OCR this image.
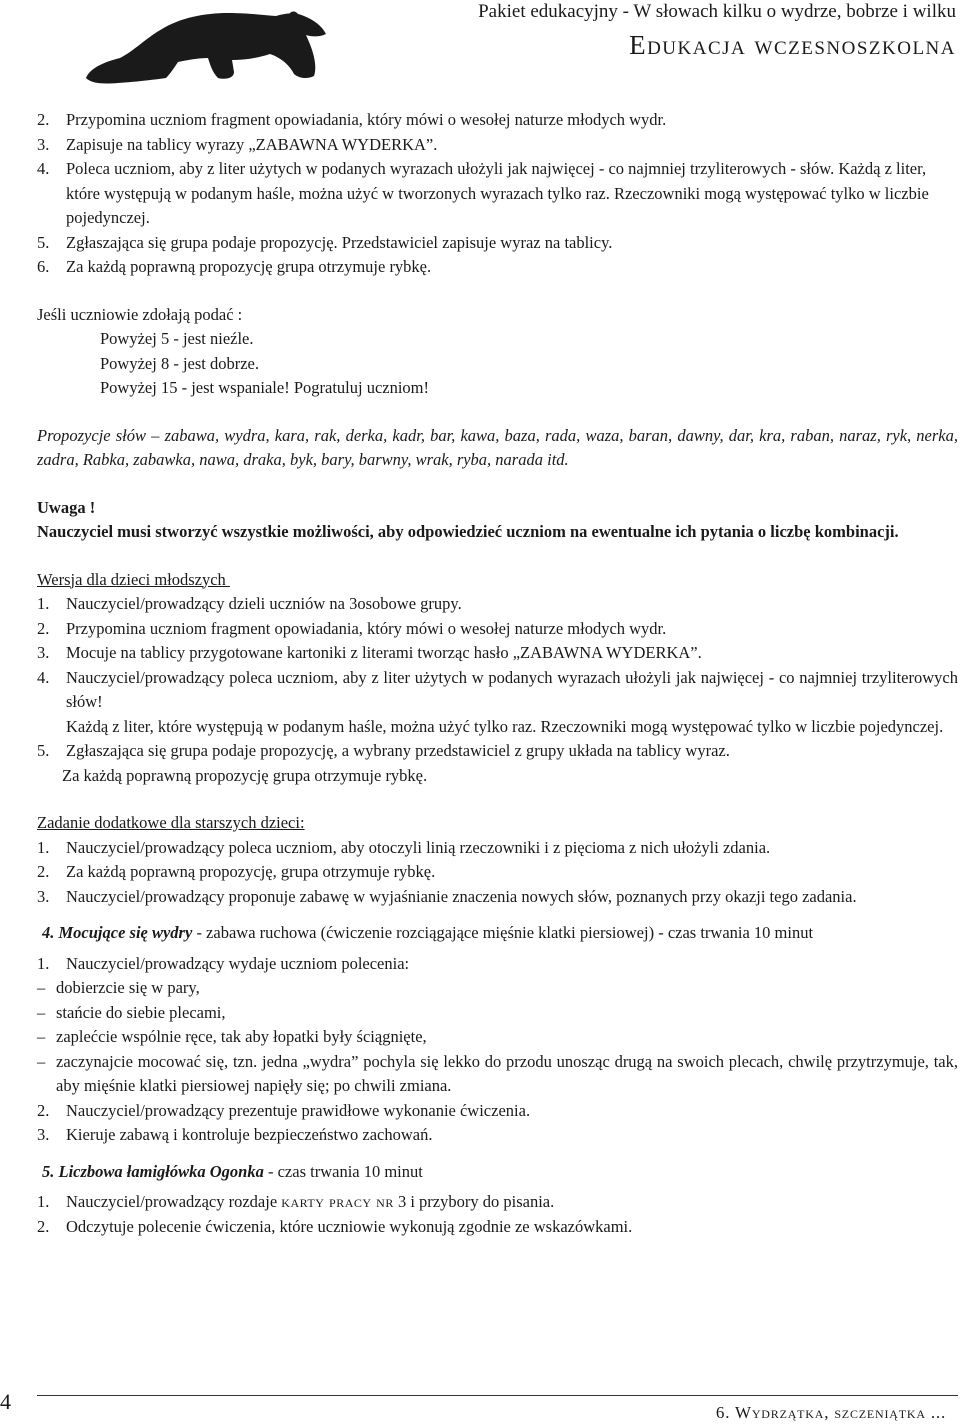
Pakiet edukacyjny - W słowach kilku o wydrze, bobrze i wilku
Edukacja wczesnoszkolna

2. Przypomina uczniom fragment opowiadania, który mówi o wesołej naturze młodych wydr.

3. Zapisuje na tablicy wyrazy „ZABAWNA WYDERKA”.

4. Poleca uczniom, aby z liter użytych w podanych wyrazach ułożyli jak najwięcej - co najmniej trzyliterowych - słów. Każdą z liter, które występują w podanym haśle, można użyć w tworzonych wyrazach tylko raz. Rzeczowniki mogą występować tylko w liczbie pojedynczej.

5. Zgłaszająca się grupa podaje propozycję. Przedstawiciel zapisuje wyraz na tablicy.

6. Za każdą poprawną propozycję grupa otrzymuje rybkę.

Jeśli uczniowie zdołają podać :

Powyżej 5 - jest nieźle.

Powyżej 8 - jest dobrze.

Powyżej 15 - jest wspaniale! Pogratuluj uczniom!

Propozycje słów – zabawa, wydra, kara, rak, derka, kadr, bar, kawa, baza, rada, waza, baran, dawny, dar, kra, raban, naraz, ryk, nerka, zadra, Rabka, zabawka, nawa, draka, byk, bary, barwny, wrak, ryba, narada itd.

Uwaga !

Nauczyciel musi stworzyć wszystkie możliwości, aby odpowiedzieć uczniom na ewentualne ich pytania o liczbę kombinacji.

Wersja dla dzieci młodszych

1. Nauczyciel/prowadzący dzieli uczniów na 3osobowe grupy.

2. Przypomina uczniom fragment opowiadania, który mówi o wesołej naturze młodych wydr.

3. Mocuje na tablicy przygotowane kartoniki z literami tworząc hasło „ZABAWNA WYDERKA”.

4. Nauczyciel/prowadzący poleca uczniom, aby z liter użytych w podanych wyrazach ułożyli jak najwięcej - co najmniej trzyliterowych słów!

Każdą z liter, które występują w podanym haśle, można użyć tylko raz. Rzeczowniki mogą występować tylko w liczbie pojedynczej.

5. Zgłaszająca się grupa podaje propozycję, a wybrany przedstawiciel z grupy układa na tablicy wyraz.

Za każdą poprawną propozycję grupa otrzymuje rybkę.

Zadanie dodatkowe dla starszych dzieci:

1. Nauczyciel/prowadzący poleca uczniom, aby otoczyli linią rzeczowniki i z pięcioma z nich ułożyli zdania.

2. Za każdą poprawną propozycję, grupa otrzymuje rybkę.

3. Nauczyciel/prowadzący proponuje zabawę w wyjaśnianie znaczenia nowych słów, poznanych przy okazji tego zadania.

4. Mocujące się wydry - zabawa ruchowa (ćwiczenie rozciągające mięśnie klatki piersiowej) - czas trwania 10 minut

1. Nauczyciel/prowadzący wydaje uczniom polecenia:

– dobierzcie się w pary,

– stańcie do siebie plecami,

– zaplećcie wspólnie ręce, tak aby łopatki były ściągnięte,

– zaczynajcie mocować się, tzn. jedna „wydra” pochyla się lekko do przodu unosząc drugą na swoich plecach, chwilę przytrzymuje, tak, aby mięśnie klatki piersiowej napięły się; po chwili zmiana.

2. Nauczyciel/prowadzący prezentuje prawidłowe wykonanie ćwiczenia.

3. Kieruje zabawą i kontroluje bezpieczeństwo zachowań.

5. Liczbowa łamigłówka Ogonka - czas trwania 10 minut

1. Nauczyciel/prowadzący rozdaje karty pracy nr 3 i przybory do pisania.

2. Odczytuje polecenie ćwiczenia, które uczniowie wykonują zgodnie ze wskazówkami.

4	6. Wydrzątka, szczeniątka ...
